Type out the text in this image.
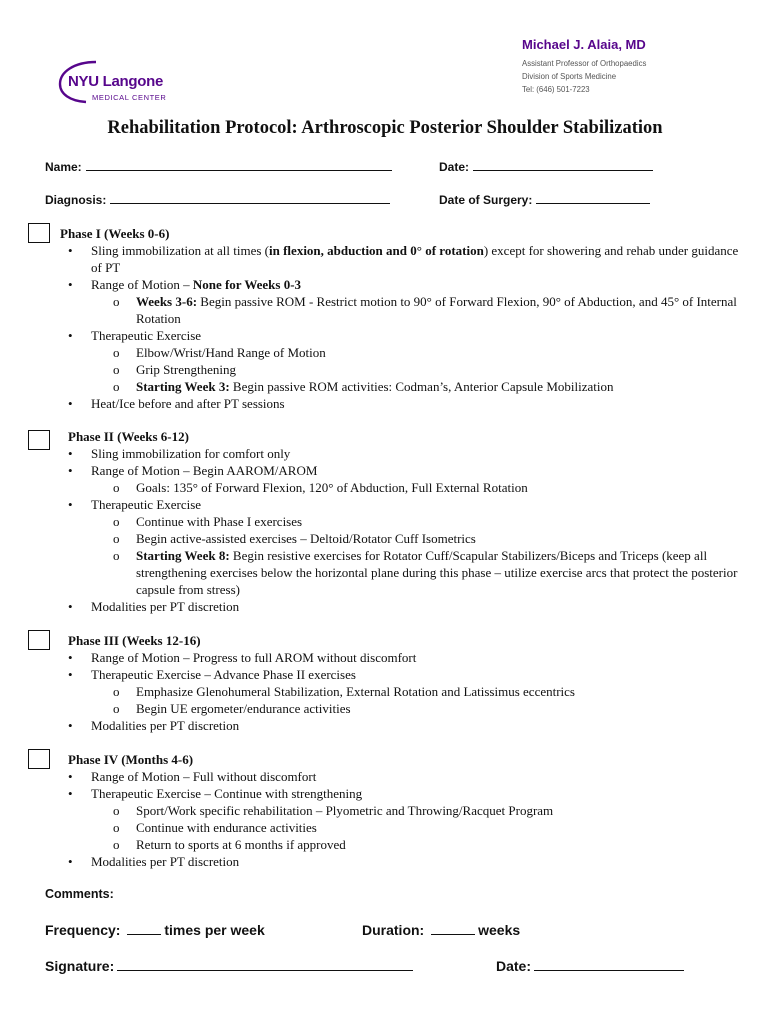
NYU Langone
MEDICAL CENTER
Michael J. Alaia, MD
Assistant Professor of Orthopaedics
Division of Sports Medicine
Tel: (646) 501-7223
Rehabilitation Protocol: Arthroscopic Posterior Shoulder Stabilization
Name:	Date:
Diagnosis:	Date of Surgery:
Phase I (Weeks 0-6)
• Sling immobilization at all times (in flexion, abduction and 0° of rotation) except for showering and rehab under guidance of PT
• Range of Motion – None for Weeks 0-3
o Weeks 3-6: Begin passive ROM - Restrict motion to 90° of Forward Flexion, 90° of Abduction, and 45° of Internal Rotation
• Therapeutic Exercise
o Elbow/Wrist/Hand Range of Motion
o Grip Strengthening
o Starting Week 3: Begin passive ROM activities: Codman’s, Anterior Capsule Mobilization
• Heat/Ice before and after PT sessions
Phase II (Weeks 6-12)
• Sling immobilization for comfort only
• Range of Motion – Begin AAROM/AROM
o Goals: 135° of Forward Flexion, 120° of Abduction, Full External Rotation
• Therapeutic Exercise
o Continue with Phase I exercises
o Begin active-assisted exercises – Deltoid/Rotator Cuff Isometrics
o Starting Week 8: Begin resistive exercises for Rotator Cuff/Scapular Stabilizers/Biceps and Triceps (keep all strengthening exercises below the horizontal plane during this phase – utilize exercise arcs that protect the posterior capsule from stress)
• Modalities per PT discretion
Phase III (Weeks 12-16)
• Range of Motion – Progress to full AROM without discomfort
• Therapeutic Exercise – Advance Phase II exercises
o Emphasize Glenohumeral Stabilization, External Rotation and Latissimus eccentrics
o Begin UE ergometer/endurance activities
• Modalities per PT discretion
Phase IV (Months 4-6)
• Range of Motion – Full without discomfort
• Therapeutic Exercise – Continue with strengthening
o Sport/Work specific rehabilitation – Plyometric and Throwing/Racquet Program
o Continue with endurance activities
o Return to sports at 6 months if approved
• Modalities per PT discretion
Comments:
Frequency:	times per week	Duration:	weeks
Signature:	Date:
